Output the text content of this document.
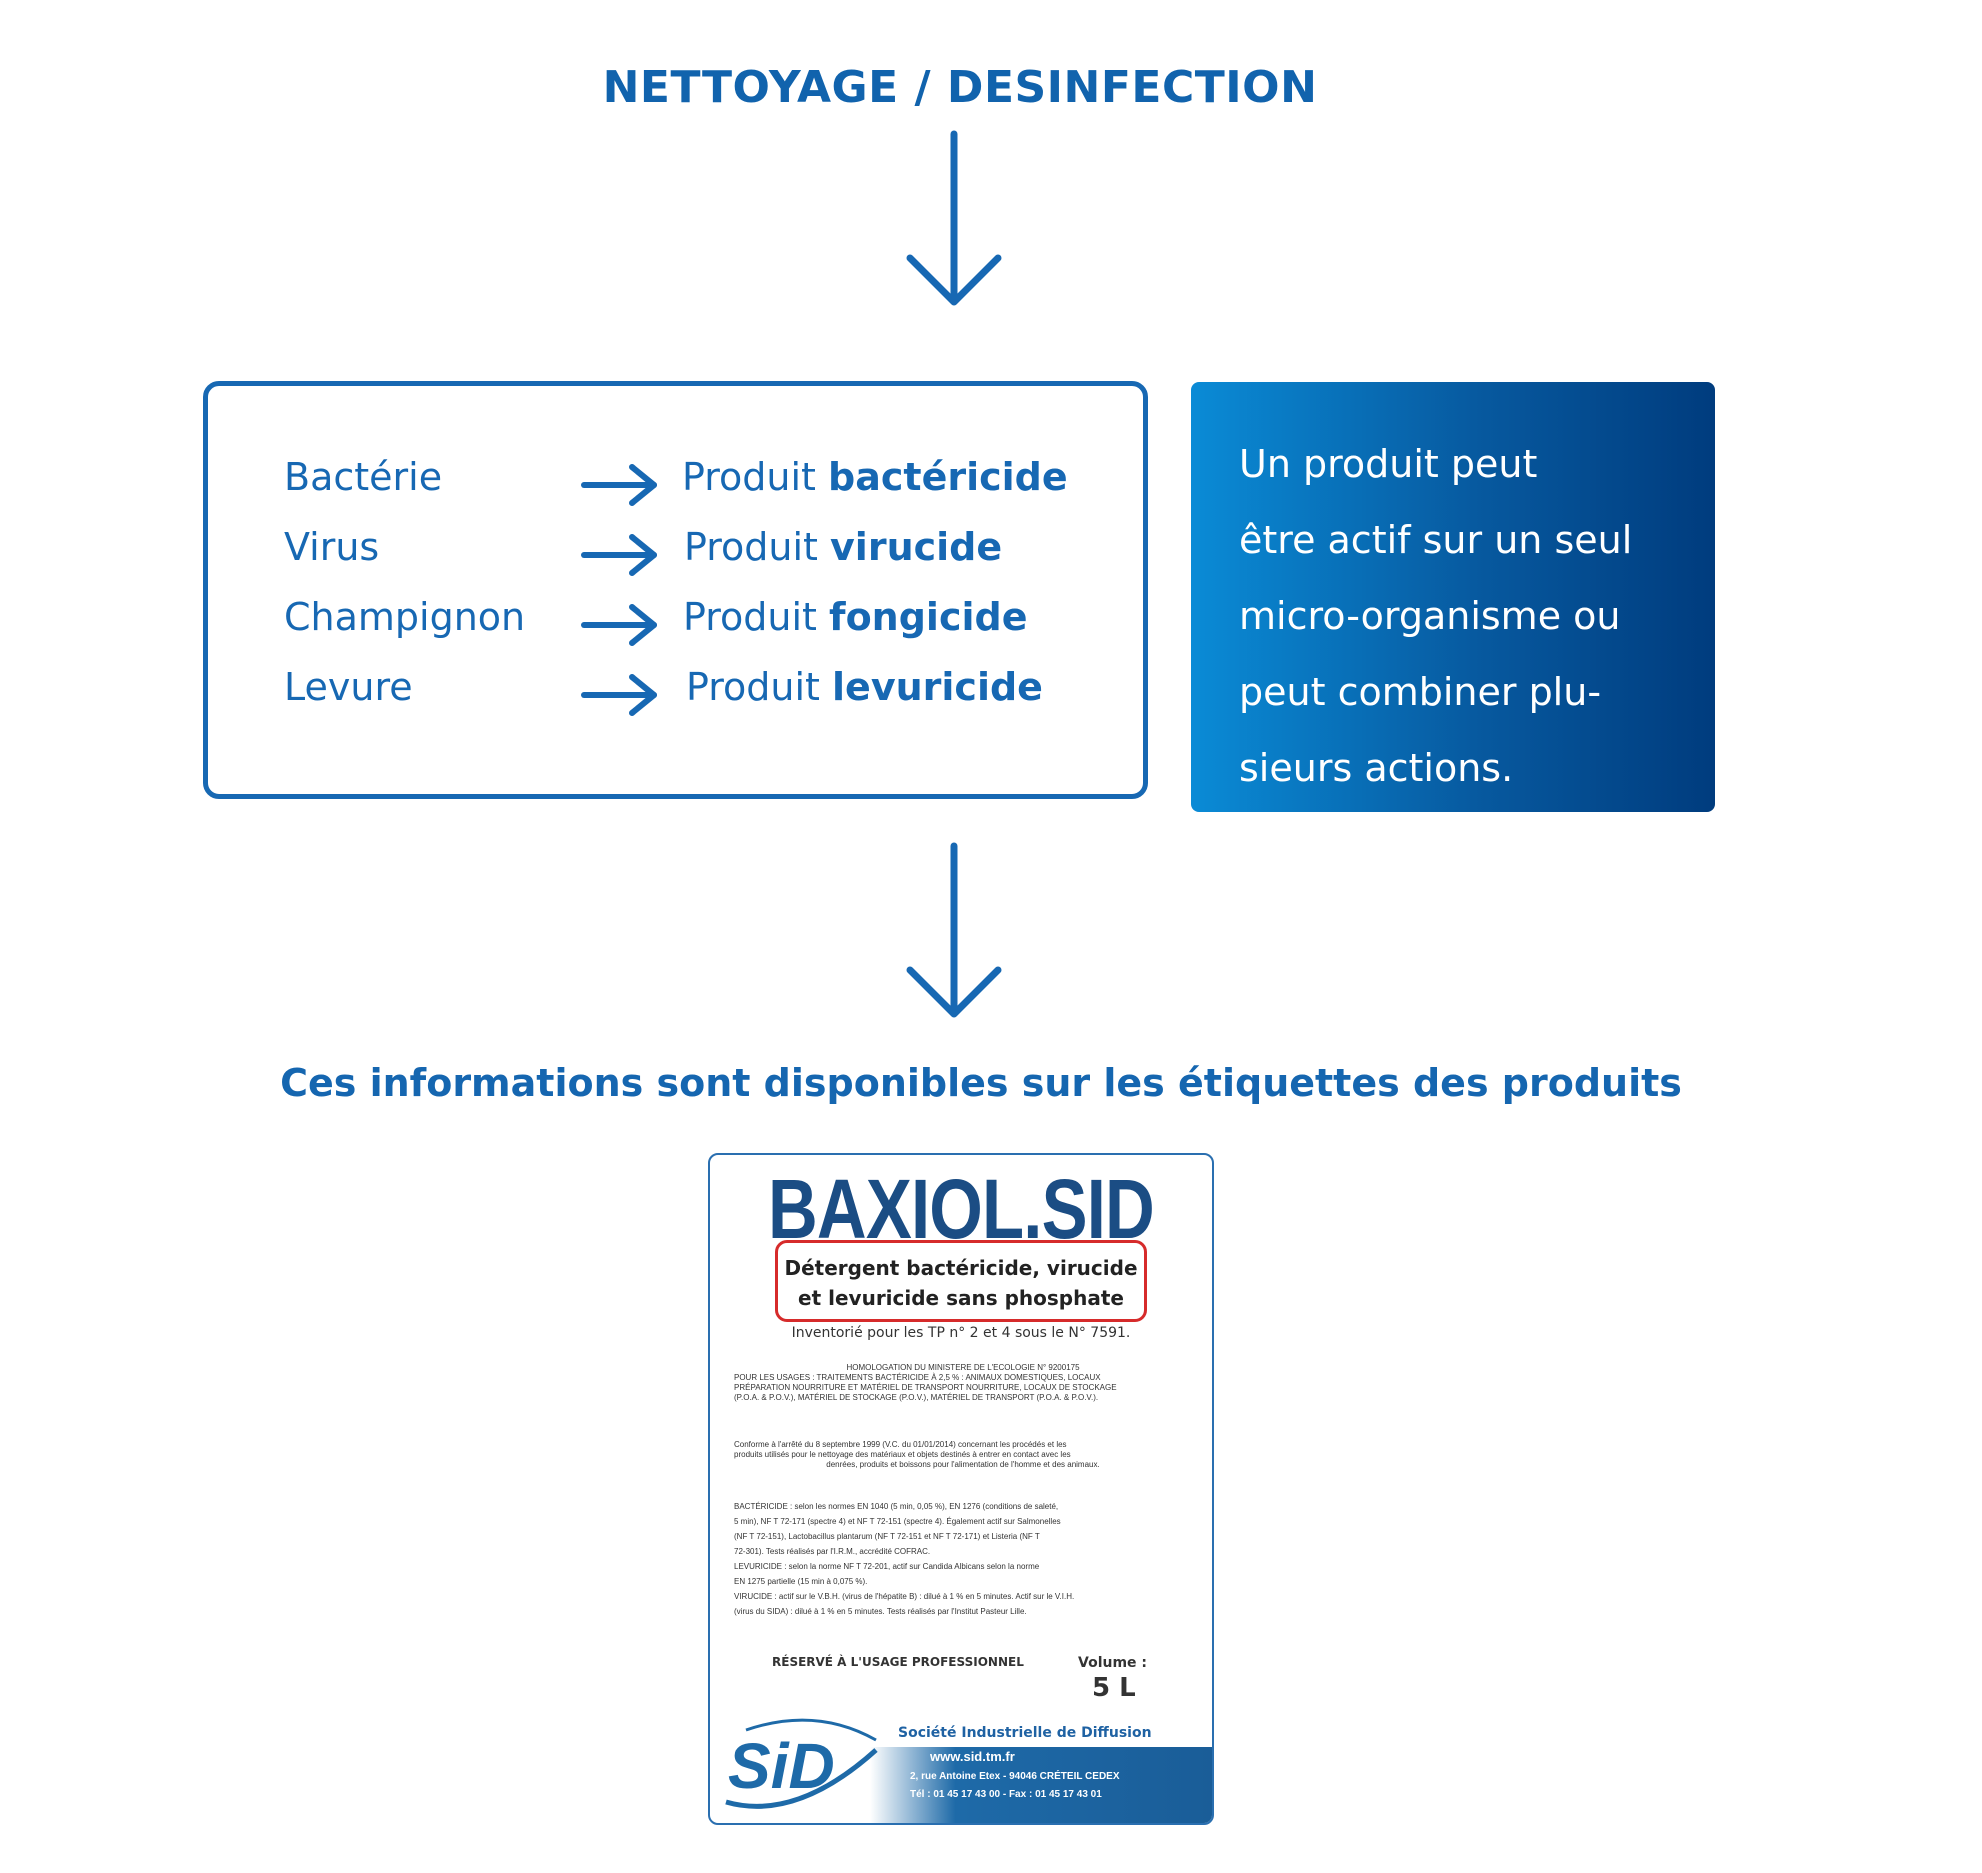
NETTOYAGE / DESINFECTION
Bactérie	Produit bactéricide
Virus	Produit virucide
Champignon	Produit fongicide
Levure	Produit levuricide
Un produit peut
être actif sur un seul
micro-organisme ou
peut combiner plu-
sieurs actions.
Ces informations sont disponibles sur les étiquettes des produits
BAXIOL.SID
Détergent bactéricide, virucide
et levuricide sans phosphate
Inventorié pour les TP n° 2 et 4 sous le N° 7591.
HOMOLOGATION DU MINISTERE DE L'ECOLOGIE N° 9200175
POUR LES USAGES : TRAITEMENTS BACTÉRICIDE À 2,5 % : ANIMAUX DOMESTIQUES, LOCAUX
PRÉPARATION NOURRITURE ET MATÉRIEL DE TRANSPORT NOURRITURE, LOCAUX DE STOCKAGE
(P.O.A. & P.O.V.), MATÉRIEL DE STOCKAGE (P.O.V.), MATÉRIEL DE TRANSPORT (P.O.A. & P.O.V.).
Conforme à l'arrêté du 8 septembre 1999 (V.C. du 01/01/2014) concernant les procédés et les
produits utilisés pour le nettoyage des matériaux et objets destinés à entrer en contact avec les
denrées, produits et boissons pour l'alimentation de l'homme et des animaux.
BACTÉRICIDE : selon les normes EN 1040 (5 min, 0,05 %), EN 1276 (conditions de saleté,
5 min), NF T 72-171 (spectre 4) et NF T 72-151 (spectre 4). Également actif sur Salmonelles
(NF T 72-151), Lactobacillus plantarum (NF T 72-151 et NF T 72-171) et Listeria (NF T
72-301). Tests réalisés par l'I.R.M., accrédité COFRAC.
LEVURICIDE : selon la norme NF T 72-201, actif sur Candida Albicans selon la norme
EN 1275 partielle (15 min à 0,075 %).
VIRUCIDE : actif sur le V.B.H. (virus de l'hépatite B) : dilué à 1 % en 5 minutes. Actif sur le V.I.H.
(virus du SIDA) : dilué à 1 % en 5 minutes. Tests réalisés par l'Institut Pasteur Lille.
RÉSERVÉ À L'USAGE PROFESSIONNEL	Volume :
5 L
www.sid.tm.fr
2, rue Antoine Etex - 94046 CRÉTEIL CEDEX
Tél : 01 45 17 43 00 - Fax : 01 45 17 43 01
SiD	Société Industrielle de Diffusion
